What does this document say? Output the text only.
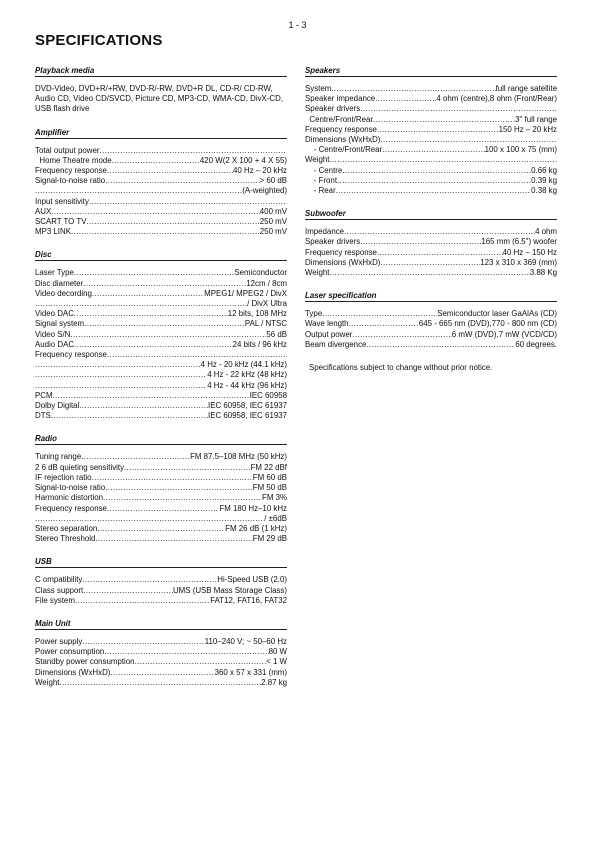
1 - 3
SPECIFICATIONS
Playback media
DVD-Video, DVD+R/+RW, DVD-R/-RW, DVD+R DL, CD-R/ CD-RW, Audio CD, Video CD/SVCD, Picture CD, MP3-CD, WMA-CD, DivX-CD, USB flash drive
Amplifier
Total output power
.....
Home Theatre mode .....	420 W(2 X 100 + 4 X 55)
Frequency response .....	40 Hz – 20 kHz
Signal-to-noise ratio .....	> 60 dB
.....
(A-weighted)
Input sensitivity
.....
AUX .....	400 mV
SCART TO TV .....	250 mV
MP3 LINK .....	250 mV
Disc
Laser Type .....	Semiconductor
Disc diameter .....	12cm / 8cm
Video decording .....	MPEG1/ MPEG2 / DivX
.....
/ DivX Ultra
Video DAC .....	12 bits, 108 MHz
Signal system .....	PAL / NTSC
Video S/N .....	56 dB
Audio DAC .....	24 bits / 96 kHz
Frequency response
.....
.....
4 Hz - 20 kHz (44.1 kHz)
.....
4 Hz - 22 kHz (48 kHz)
.....
4 Hz - 44 kHz (96 kHz)
PCM .....	IEC 60958
Dolby Digital .....	IEC 60958, IEC 61937
DTS .....	IEC 60958, IEC 61937
Radio
Tuning range .....	FM 87.5–108 MHz (50 kHz)
2 6 dB quieting sensitivity .....	FM 22 dBf
IF rejection ratio .....	FM 60 dB
Signal-to-noise ratio .....	FM 50 dB
Harmonic distortion .....	FM 3%
Frequency response .....	FM 180 Hz–10 kHz
.....
/ ±6dB
Stereo separation .....	FM 26 dB (1 kHz)
Stereo Threshold .....	FM 29 dB
USB
C ompatibility .....	Hi-Speed USB (2.0)
Class support .....	UMS (USB Mass Storage Class)
File system .....	FAT12, FAT16, FAT32
Main Unit
Power supply .....	110–240 V; ~ 50–60 Hz
Power consumption .....	80 W
Standby power consumption .....	< 1 W
Dimensions (WxHxD) .....	360 x 57 x 331 (mm)
Weight .....	2.87 kg
Speakers
System .....	full range satellite
Speaker impedance .....	4 ohm (centre),8 ohm (Front/Rear)
Speaker drivers
.....
Centre/Front/Rear .....	3" full range
Frequency response .....	150 Hz – 20 kHz
Dimensions (WxHxD)
.....
- Centre/Front/Rear .....	100 x 100 x 75 (mm)
Weight
.....
- Centre .....	0.66 kg
- Front .....	0.39 kg
- Rear .....	0.38 kg
Subwoofer
Impedance .....	4 ohm
Speaker drivers .....	165 mm (6.5") woofer
Frequency response .....	40 Hz – 150 Hz
Dimensions (WxHxD) .....	123 x 310 x 369 (mm)
Weight .....	3.88 Kg
Laser specification
Type .....	Semiconductor laser GaAlAs (CD)
Wave length .....	645 - 665 nm (DVD),770 - 800 nm (CD)
Output power .....	6 mW (DVD),7 mW (VCD/CD)
Beam divergence .....	60 degrees.
Specifications subject to change without prior notice.
